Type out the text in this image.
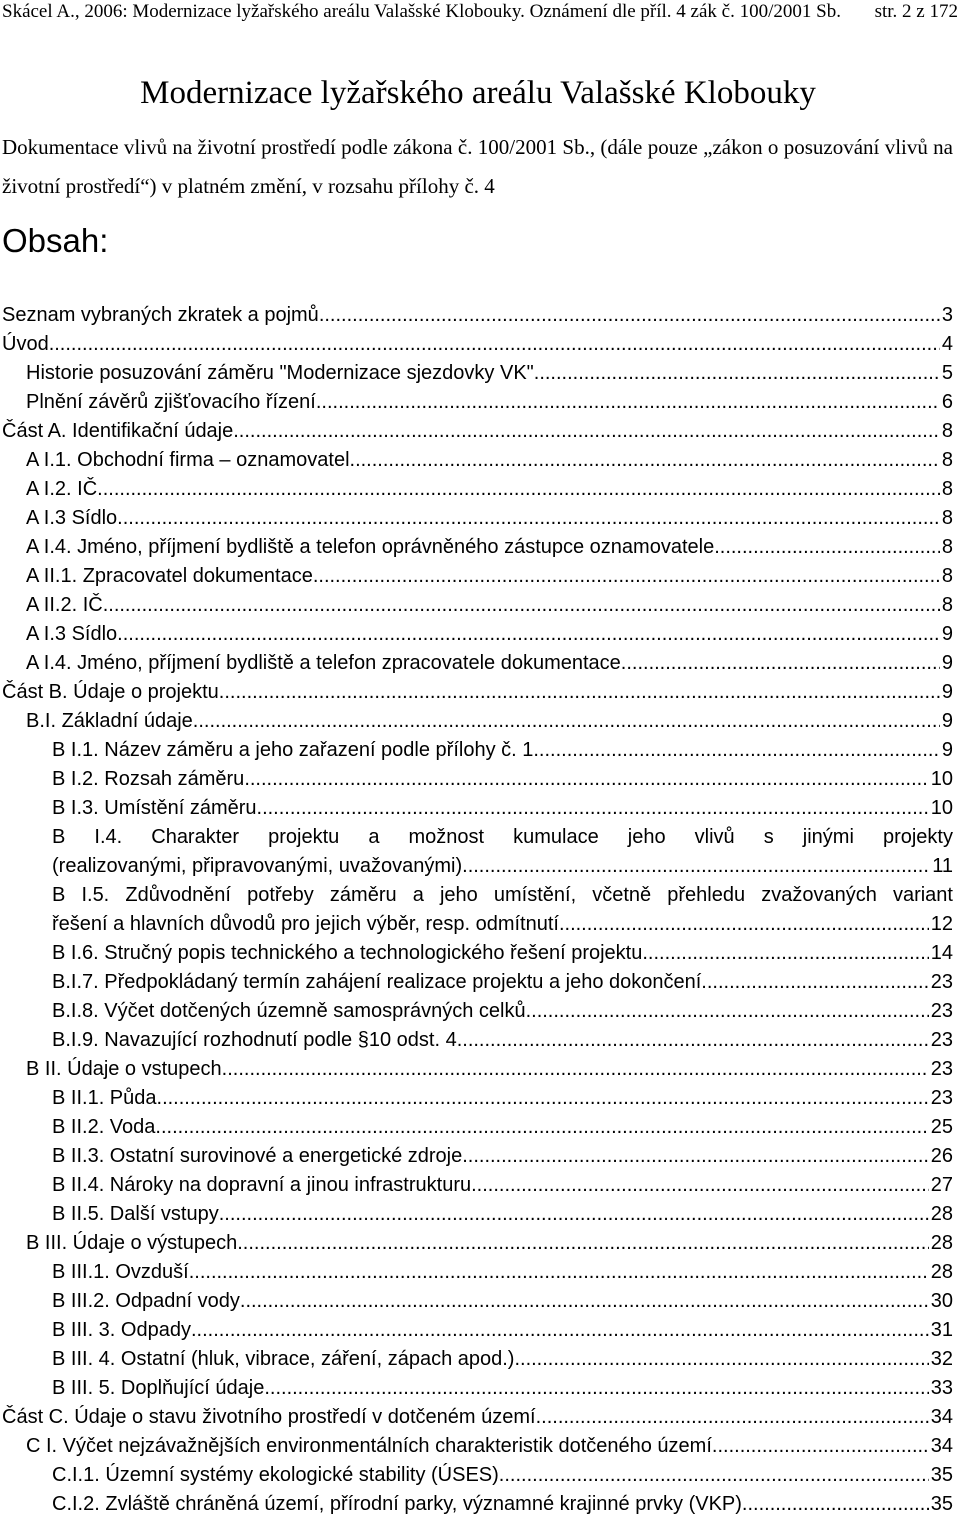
Skácel A., 2006: Modernizace lyžařského areálu Valašské Klobouky. Oznámení dle příl. 4 zák č. 100/2001 Sb. str. 2 z 172
Modernizace lyžařského areálu Valašské Klobouky
Dokumentace vlivů na životní prostředí podle zákona č. 100/2001 Sb., (dále pouze „zákon o posuzování vlivů na životní prostředí“) v platném změní, v rozsahu přílohy č. 4
Obsah:
Seznam vybraných zkratek a pojmů .....	3
Úvod. .....	4
Historie posuzování záměru "Modernizace sjezdovky VK" .....	5
Plnění závěrů zjišťovacího řízení .....	6
Část A. Identifikační údaje .....	8
A I.1. Obchodní firma – oznamovatel .....	8
A I.2. IČ .....	8
A I.3 Sídlo .....	8
A I.4. Jméno, příjmení bydliště a telefon oprávněného zástupce oznamovatele .....	8
A II.1. Zpracovatel dokumentace .....	8
A II.2. IČ .....	8
A I.3 Sídlo .....	9
A I.4. Jméno, příjmení bydliště a telefon zpracovatele dokumentace .....	9
Část B. Údaje o projektu .....	9
B.I. Základní údaje .....	9
B I.1. Název záměru a jeho zařazení podle přílohy č. 1 .....	9
B I.2. Rozsah záměru .....	10
B I.3. Umístění záměru .....	10
B I.4. Charakter projektu a možnost kumulace jeho vlivů s jinými projekty
(realizovanými, připravovanými, uvažovanými) .....	11
B I.5. Zdůvodnění potřeby záměru a jeho umístění, včetně přehledu zvažovaných variant
řešení a hlavních důvodů pro jejich výběr, resp. odmítnutí .....	12
B I.6. Stručný popis technického a technologického řešení projektu .....	14
B.I.7. Předpokládaný termín zahájení realizace projektu a jeho dokončení .....	23
B.I.8. Výčet dotčených územně samosprávných celků .....	23
B.I.9. Navazující rozhodnutí podle §10 odst. 4. .....	23
B II. Údaje o vstupech .....	23
B II.1. Půda .....	23
B II.2. Voda .....	25
B II.3. Ostatní surovinové a energetické zdroje .....	26
B II.4. Nároky na dopravní a jinou infrastrukturu .....	27
B II.5. Další vstupy .....	28
B III. Údaje o výstupech .....	28
B III.1. Ovzduší .....	28
B III.2. Odpadní vody .....	30
B III. 3. Odpady .....	31
B III. 4. Ostatní (hluk, vibrace, záření, zápach apod.) .....	32
B III. 5. Doplňující údaje .....	33
Část C. Údaje o stavu životního prostředí v dotčeném území .....	34
C I. Výčet nejzávažnějších environmentálních charakteristik dotčeného území .....	34
C.I.1. Územní systémy ekologické stability (ÚSES) .....	35
C.I.2. Zvláště chráněná území, přírodní parky, významné krajinné prvky (VKP) .....	35
